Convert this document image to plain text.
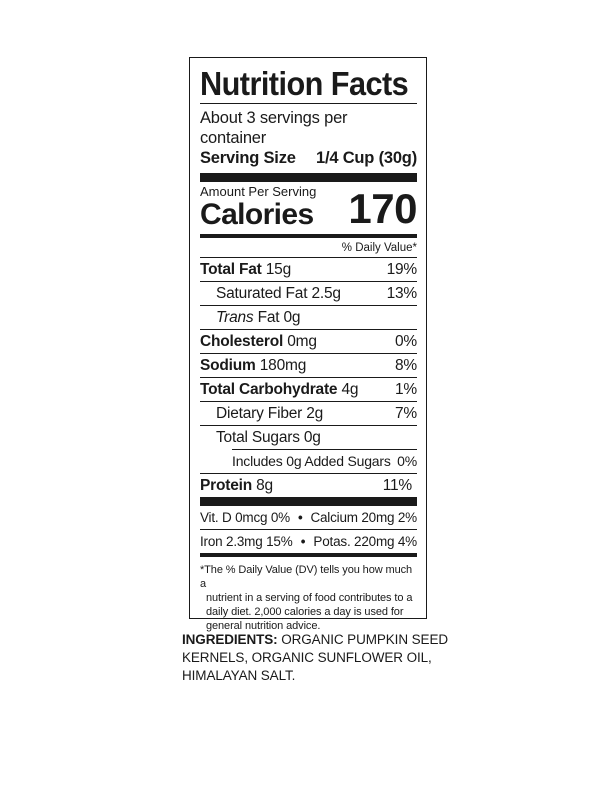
Nutrition Facts
About 3 servings per container
Serving Size 1/4 Cup (30g)
Amount Per Serving
Calories 170
% Daily Value*
Total Fat 15g	19%
Saturated Fat 2.5g	13%
Trans Fat 0g
Cholesterol 0mg	0%
Sodium 180mg	8%
Total Carbohydrate 4g 1%
Dietary Fiber 2g	7%
Total Sugars 0g
Includes 0g Added Sugars 0%
Protein 8g	11%
Vit. D 0mcg 0% • Calcium 20mg 2%
Iron 2.3mg 15% • Potas. 220mg 4%
*The % Daily Value (DV) tells you how much a
nutrient in a serving of food contributes to a daily diet. 2,000 calories a day is used for general nutrition advice.
INGREDIENTS: ORGANIC PUMPKIN SEED KERNELS, ORGANIC SUNFLOWER OIL, HIMALAYAN SALT.
